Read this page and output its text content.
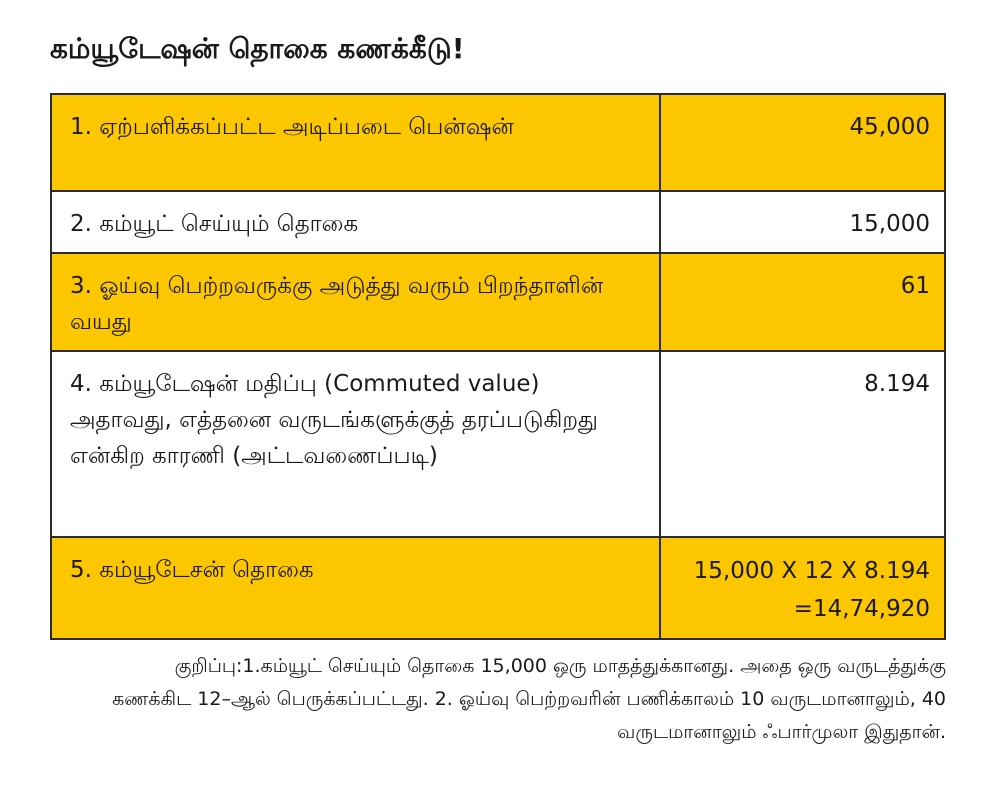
கம்யூடேஷன் தொகை கணக்கீடு!
1. ஏற்பளிக்கப்பட்ட அடிப்படை பென்ஷன்	45,000

2. கம்யூட் செய்யும் தொகை	15,000

3. ஓய்வு பெற்றவருக்கு அடுத்து வரும் பிறந்தாளின் வயது	61

4. கம்யூடேஷன் மதிப்பு (Commuted value) அதாவது, எத்தனை வருடங்களுக்குத் தரப்படுகிறது என்கிற காரணி (அட்டவணைப்படி)	8.194

5. கம்யூடேசன் தொகை	15,000 X 12 X 8.194 =14,74,920

குறிப்பு:1.கம்யூட் செய்யும் தொகை 15,000 ஒரு மாதத்துக்கானது. அதை ஒரு வருடத்துக்கு கணக்கிட 12–ஆல் பெருக்கப்பட்டது. 2. ஓய்வு பெற்றவரின் பணிக்காலம் 10 வருடமானாலும், 40 வருடமானாலும் ஃபார்முலா இதுதான்.
